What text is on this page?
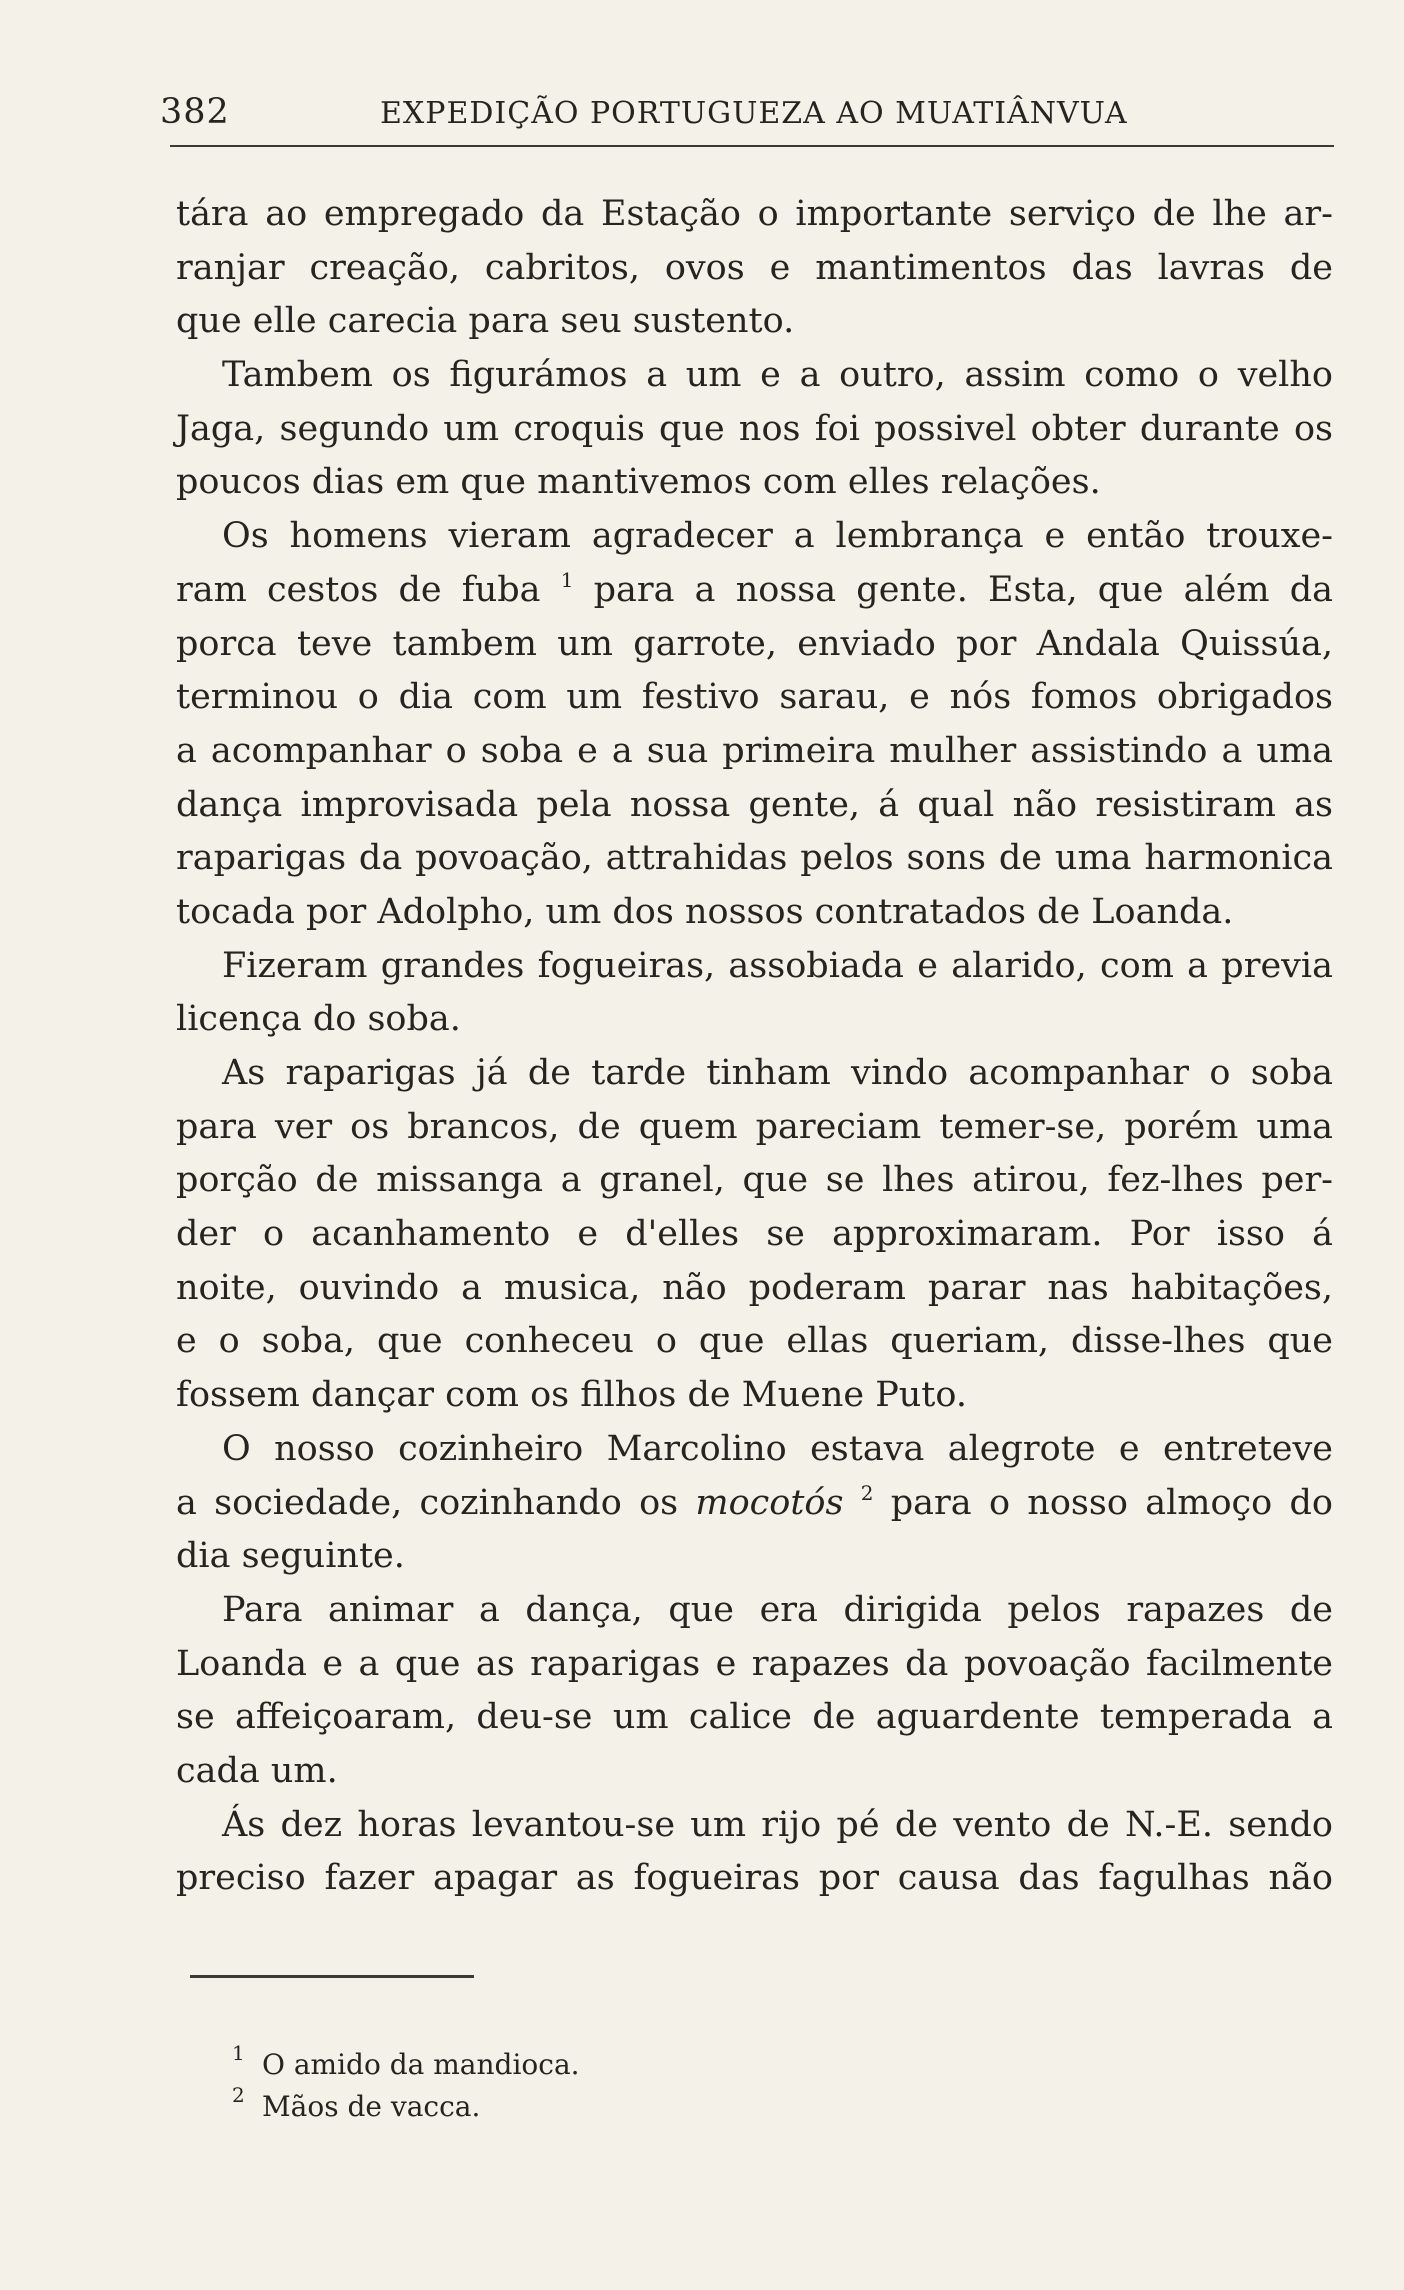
382	EXPEDIÇÃO PORTUGUEZA AO MUATIÂNVUA
tára ao empregado da Estação o importante serviço de lhe ar-
ranjar creação, cabritos, ovos e mantimentos das lavras de
que elle carecia para seu sustento.
Tambem os figurámos a um e a outro, assim como o velho
Jaga, segundo um croquis que nos foi possivel obter durante os
poucos dias em que mantivemos com elles relações.
Os homens vieram agradecer a lembrança e então trouxe-
ram cestos de fuba $^1$ para a nossa gente. Esta, que além da
porca teve tambem um garrote, enviado por Andala Quissúa,
terminou o dia com um festivo sarau, e nós fomos obrigados
a acompanhar o soba e a sua primeira mulher assistindo a uma
dança improvisada pela nossa gente, á qual não resistiram as
raparigas da povoação, attrahidas pelos sons de uma harmonica
tocada por Adolpho, um dos nossos contratados de Loanda.
Fizeram grandes fogueiras, assobiada e alarido, com a previa
licença do soba.
As raparigas já de tarde tinham vindo acompanhar o soba
para ver os brancos, de quem pareciam temer-se, porém uma
porção de missanga a granel, que se lhes atirou, fez-lhes per-
der o acanhamento e d'elles se approximaram. Por isso á
noite, ouvindo a musica, não poderam parar nas habitações,
e o soba, que conheceu o que ellas queriam, disse-lhes que
fossem dançar com os filhos de Muene Puto.
O nosso cozinheiro Marcolino estava alegrote e entreteve
a sociedade, cozinhando os mocotós $^2$ para o nosso almoço do
dia seguinte.
Para animar a dança, que era dirigida pelos rapazes de
Loanda e a que as raparigas e rapazes da povoação facilmente
se affeiçoaram, deu-se um calice de aguardente temperada a
cada um.
Ás dez horas levantou-se um rijo pé de vento de N.-E. sendo
preciso fazer apagar as fogueiras por causa das fagulhas não
$^1$ O amido da mandioca.
$^2$ Mãos de vacca.
